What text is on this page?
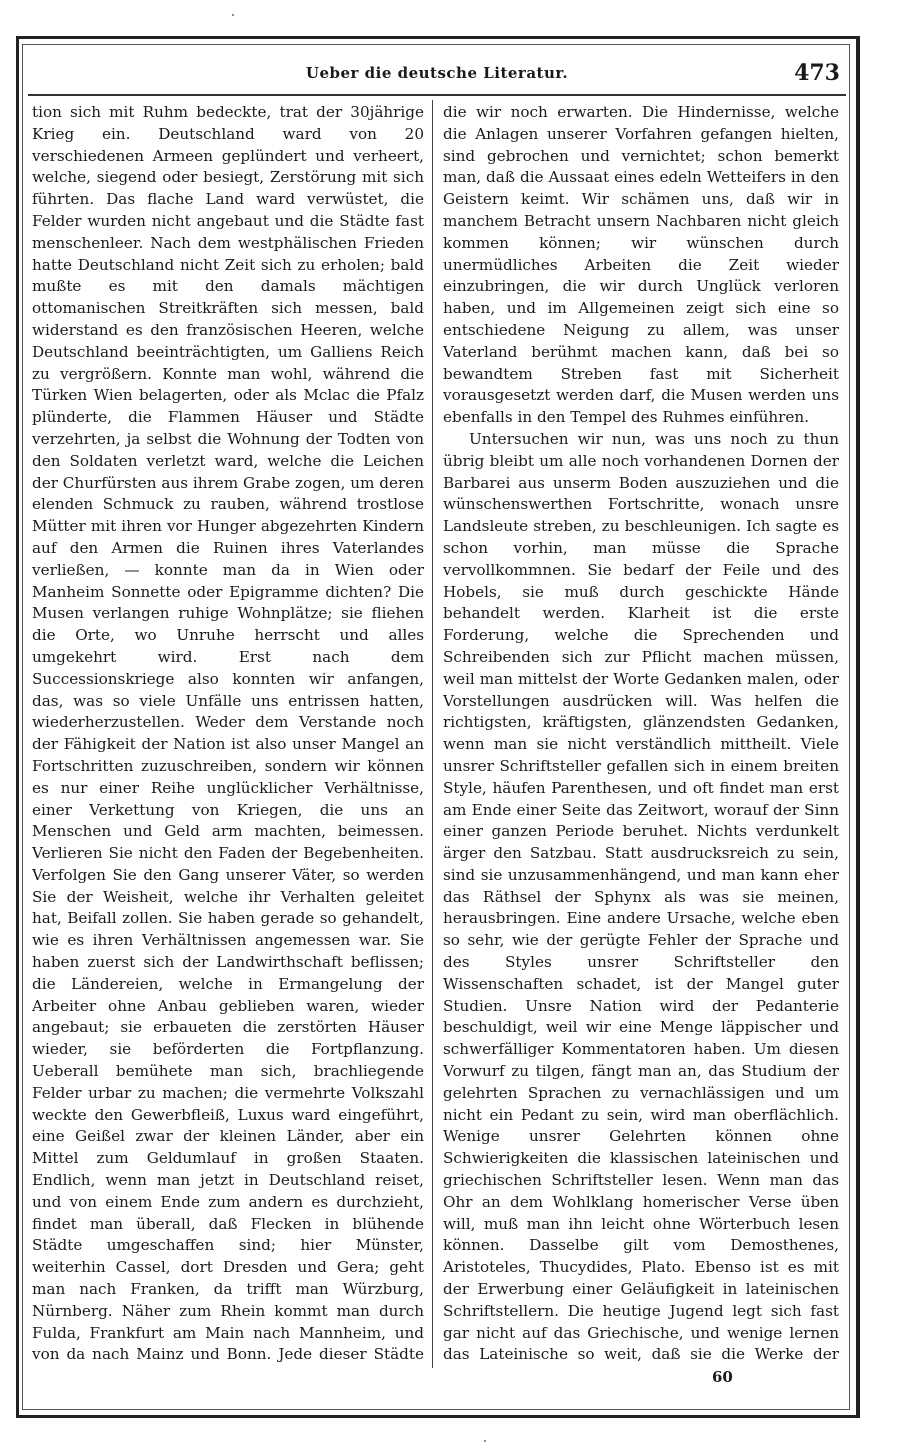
Ueber die deutsche Literatur.	473

tion sich mit Ruhm bedeckte, trat der 30jährige Krieg ein. Deutschland ward von 20 verschiedenen Armeen geplündert und verheert, welche, siegend oder besiegt, Zerstörung mit sich führten. Das flache Land ward verwüstet, die Felder wurden nicht angebaut und die Städte fast menschenleer. Nach dem westphälischen Frieden hatte Deutschland nicht Zeit sich zu erholen; bald mußte es mit den damals mächtigen ottomanischen Streitkräften sich messen, bald widerstand es den französischen Heeren, welche Deutschland beeinträchtigten, um Galliens Reich zu vergrößern. Konnte man wohl, während die Türken Wien belagerten, oder als Mclac die Pfalz plünderte, die Flammen Häuser und Städte verzehrten, ja selbst die Wohnung der Todten von den Soldaten verletzt ward, welche die Leichen der Churfürsten aus ihrem Grabe zogen, um deren elenden Schmuck zu rauben, während trostlose Mütter mit ihren vor Hunger abgezehrten Kindern auf den Armen die Ruinen ihres Vaterlandes verließen, — konnte man da in Wien oder Manheim Sonnette oder Epigramme dichten? Die Musen verlangen ruhige Wohnplätze; sie fliehen die Orte, wo Unruhe herrscht und alles umgekehrt wird. Erst nach dem Successionskriege also konnten wir anfangen, das, was so viele Unfälle uns entrissen hatten, wiederherzustellen. Weder dem Verstande noch der Fähigkeit der Nation ist also unser Mangel an Fortschritten zuzuschreiben, sondern wir können es nur einer Reihe unglücklicher Verhältnisse, einer Verkettung von Kriegen, die uns an Menschen und Geld arm machten, beimessen. Verlieren Sie nicht den Faden der Begebenheiten. Verfolgen Sie den Gang unserer Väter, so werden Sie der Weisheit, welche ihr Verhalten geleitet hat, Beifall zollen. Sie haben gerade so gehandelt, wie es ihren Verhältnissen angemessen war. Sie haben zuerst sich der Landwirthschaft beflissen; die Ländereien, welche in Ermangelung der Arbeiter ohne Anbau geblieben waren, wieder angebaut; sie erbaueten die zerstörten Häuser wieder, sie beförderten die Fortpflanzung. Ueberall bemühete man sich, brachliegende Felder urbar zu machen; die vermehrte Volkszahl weckte den Gewerbfleiß, Luxus ward eingeführt, eine Geißel zwar der kleinen Länder, aber ein Mittel zum Geldumlauf in großen Staaten. Endlich, wenn man jetzt in Deutschland reiset, und von einem Ende zum andern es durchzieht, findet man überall, daß Flecken in blühende Städte umgeschaffen sind; hier Münster, weiterhin Cassel, dort Dresden und Gera; geht man nach Franken, da trifft man Würzburg, Nürnberg. Näher zum Rhein kommt man durch Fulda, Frankfurt am Main nach Mannheim, und von da nach Mainz und Bonn. Jede dieser Städte

die wir noch erwarten. Die Hindernisse, welche die Anlagen unserer Vorfahren gefangen hielten, sind gebrochen und vernichtet; schon bemerkt man, daß die Aussaat eines edeln Wetteifers in den Geistern keimt. Wir schämen uns, daß wir in manchem Betracht unsern Nachbaren nicht gleich kommen können; wir wünschen durch unermüdliches Arbeiten die Zeit wieder einzubringen, die wir durch Unglück verloren haben, und im Allgemeinen zeigt sich eine so entschiedene Neigung zu allem, was unser Vaterland berühmt machen kann, daß bei so bewandtem Streben fast mit Sicherheit vorausgesetzt werden darf, die Musen werden uns ebenfalls in den Tempel des Ruhmes einführen.

Untersuchen wir nun, was uns noch zu thun übrig bleibt um alle noch vorhandenen Dornen der Barbarei aus unserm Boden auszuziehen und die wünschenswerthen Fortschritte, wonach unsre Landsleute streben, zu beschleunigen. Ich sagte es schon vorhin, man müsse die Sprache vervollkommnen. Sie bedarf der Feile und des Hobels, sie muß durch geschickte Hände behandelt werden. Klarheit ist die erste Forderung, welche die Sprechenden und Schreibenden sich zur Pflicht machen müssen, weil man mittelst der Worte Gedanken malen, oder Vorstellungen ausdrücken will. Was helfen die richtigsten, kräftigsten, glänzendsten Gedanken, wenn man sie nicht verständlich mittheilt. Viele unsrer Schriftsteller gefallen sich in einem breiten Style, häufen Parenthesen, und oft findet man erst am Ende einer Seite das Zeitwort, worauf der Sinn einer ganzen Periode beruhet. Nichts verdunkelt ärger den Satzbau. Statt ausdrucksreich zu sein, sind sie unzusammenhängend, und man kann eher das Räthsel der Sphynx als was sie meinen, herausbringen. Eine andere Ursache, welche eben so sehr, wie der gerügte Fehler der Sprache und des Styles unsrer Schriftsteller den Wissenschaften schadet, ist der Mangel guter Studien. Unsre Nation wird der Pedanterie beschuldigt, weil wir eine Menge läppischer und schwerfälliger Kommentatoren haben. Um diesen Vorwurf zu tilgen, fängt man an, das Studium der gelehrten Sprachen zu vernachlässigen und um nicht ein Pedant zu sein, wird man oberflächlich. Wenige unsrer Gelehrten können ohne Schwierigkeiten die klassischen lateinischen und griechischen Schriftsteller lesen. Wenn man das Ohr an dem Wohlklang homerischer Verse üben will, muß man ihn leicht ohne Wörterbuch lesen können. Dasselbe gilt vom Demosthenes, Aristoteles, Thucydides, Plato. Ebenso ist es mit der Erwerbung einer Geläufigkeit in lateinischen Schriftstellern. Die heutige Jugend legt sich fast gar nicht auf das Griechische, und wenige lernen das Lateinische so weit, daß sie die Werke der

60
